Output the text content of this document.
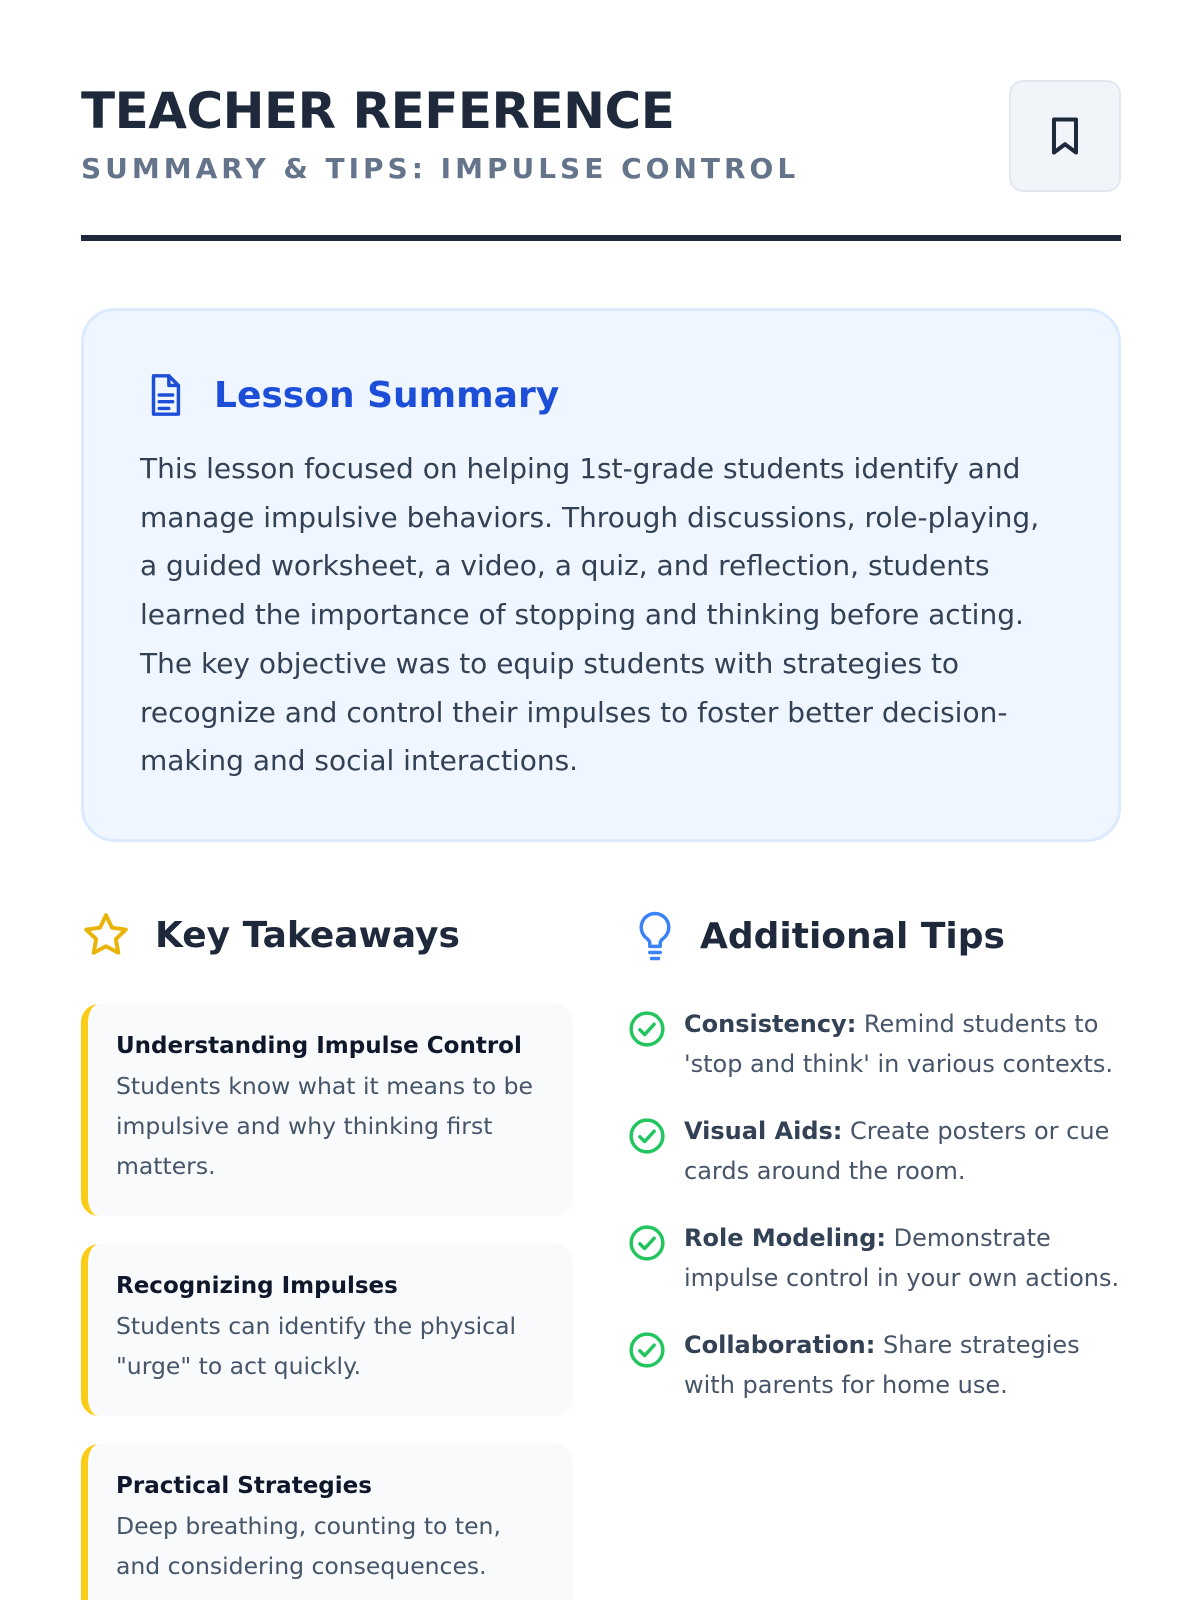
TEACHER REFERENCE
SUMMARY & TIPS: IMPULSE CONTROL
Lesson Summary

This lesson focused on helping 1st-grade students identify and manage impulsive behaviors. Through discussions, role-playing, a guided worksheet, a video, a quiz, and reflection, students learned the importance of stopping and thinking before acting. The key objective was to equip students with strategies to recognize and control their impulses to foster better decision-making and social interactions.

Key Takeaways	Additional Tips
Understanding Impulse Control
Students know what it means to be impulsive and why thinking first matters.
Recognizing Impulses
Students can identify the physical "urge" to act quickly.
Practical Strategies
Deep breathing, counting to ten, and considering consequences.

Consistency: Remind students to 'stop and think' in various contexts.

Visual Aids: Create posters or cue cards around the room.

Role Modeling: Demonstrate impulse control in your own actions.

Collaboration: Share strategies with parents for home use.
